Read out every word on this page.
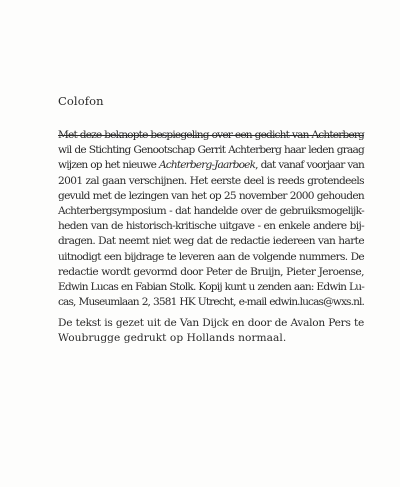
Colofon
Met deze beknopte bespiegeling over een gedicht van Achterberg
wil de Stichting Genootschap Gerrit Achterberg haar leden graag
wijzen op het nieuwe Achterberg-Jaarboek, dat vanaf voorjaar van
2001 zal gaan verschijnen. Het eerste deel is reeds grotendeels
gevuld met de lezingen van het op 25 november 2000 gehouden
Achterbergsymposium - dat handelde over de gebruiksmogelijk-
heden van de historisch-kritische uitgave - en enkele andere bij-
dragen. Dat neemt niet weg dat de redactie iedereen van harte
uitnodigt een bijdrage te leveren aan de volgende nummers. De
redactie wordt gevormd door Peter de Bruijn, Pieter Jeroense,
Edwin Lucas en Fabian Stolk. Kopij kunt u zenden aan: Edwin Lu-
cas, Museumlaan 2, 3581 HK Utrecht, e-mail edwin.lucas@wxs.nl.
De tekst is gezet uit de Van Dijck en door de Avalon Pers te
Woubrugge gedrukt op Hollands normaal.
